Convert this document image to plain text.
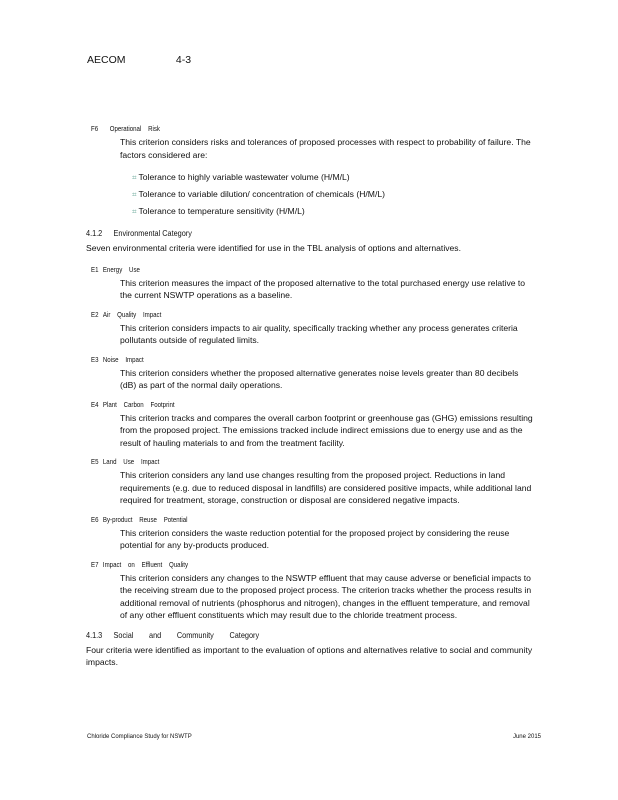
AECOM	4-3
F6 Operational Risk
This criterion considers risks and tolerances of proposed processes with respect to probability of failure. The factors considered are:
⌗ Tolerance to highly variable wastewater volume (H/M/L)
⌗ Tolerance to variable dilution/ concentration of chemicals (H/M/L)
⌗ Tolerance to temperature sensitivity (H/M/L)
4.1.2 Environmental Category
Seven environmental criteria were identified for use in the TBL analysis of options and alternatives.
E1 Energy Use
This criterion measures the impact of the proposed alternative to the total purchased energy use relative to the current NSWTP operations as a baseline.
E2 Air Quality Impact
This criterion considers impacts to air quality, specifically tracking whether any process generates criteria pollutants outside of regulated limits.
E3 Noise Impact
This criterion considers whether the proposed alternative generates noise levels greater than 80 decibels (dB) as part of the normal daily operations.
E4 Plant Carbon Footprint
This criterion tracks and compares the overall carbon footprint or greenhouse gas (GHG) emissions resulting from the proposed project. The emissions tracked include indirect emissions due to energy use and as the result of hauling materials to and from the treatment facility.
E5 Land Use Impact
This criterion considers any land use changes resulting from the proposed project. Reductions in land requirements (e.g. due to reduced disposal in landfills) are considered positive impacts, while additional land required for treatment, storage, construction or disposal are considered negative impacts.
E6 By-product Reuse Potential
This criterion considers the waste reduction potential for the proposed project by considering the reuse potential for any by-products produced.
E7 Impact on Effluent Quality
This criterion considers any changes to the NSWTP effluent that may cause adverse or beneficial impacts to the receiving stream due to the proposed project process. The criterion tracks whether the process results in additional removal of nutrients (phosphorus and nitrogen), changes in the effluent temperature, and removal of any other effluent constituents which may result due to the chloride treatment process.
4.1.3 Social and Community Category
Four criteria were identified as important to the evaluation of options and alternatives relative to social and community impacts.
Chloride Compliance Study for NSWTP	June 2015
